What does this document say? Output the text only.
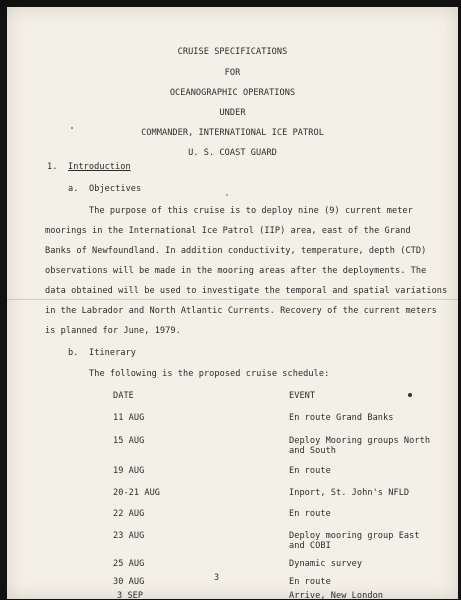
CRUISE SPECIFICATIONS
FOR
OCEANOGRAPHIC OPERATIONS
UNDER
COMMANDER, INTERNATIONAL ICE PATROL
U. S. COAST GUARD
1. Introduction
a. Objectives
The purpose of this cruise is to deploy nine (9) current meter
moorings in the International Ice Patrol (IIP) area, east of the Grand
Banks of Newfoundland. In addition conductivity, temperature, depth (CTD)
observations will be made in the mooring areas after the deployments. The
data obtained will be used to investigate the temporal and spatial variations
in the Labrador and North Atlantic Currents. Recovery of the current meters
is planned for June, 1979.
b. Itinerary
The following is the proposed cruise schedule:
DATE	EVENT
11 AUG	En route Grand Banks
15 AUG	Deploy Mooring groups North
and South
19 AUG	En route
20-21 AUG	Inport, St. John's NFLD
22 AUG	En route
23 AUG	Deploy mooring group East
and COBI
25 AUG	Dynamic survey
30 AUG	En route
3 SEP	Arrive, New London
3
